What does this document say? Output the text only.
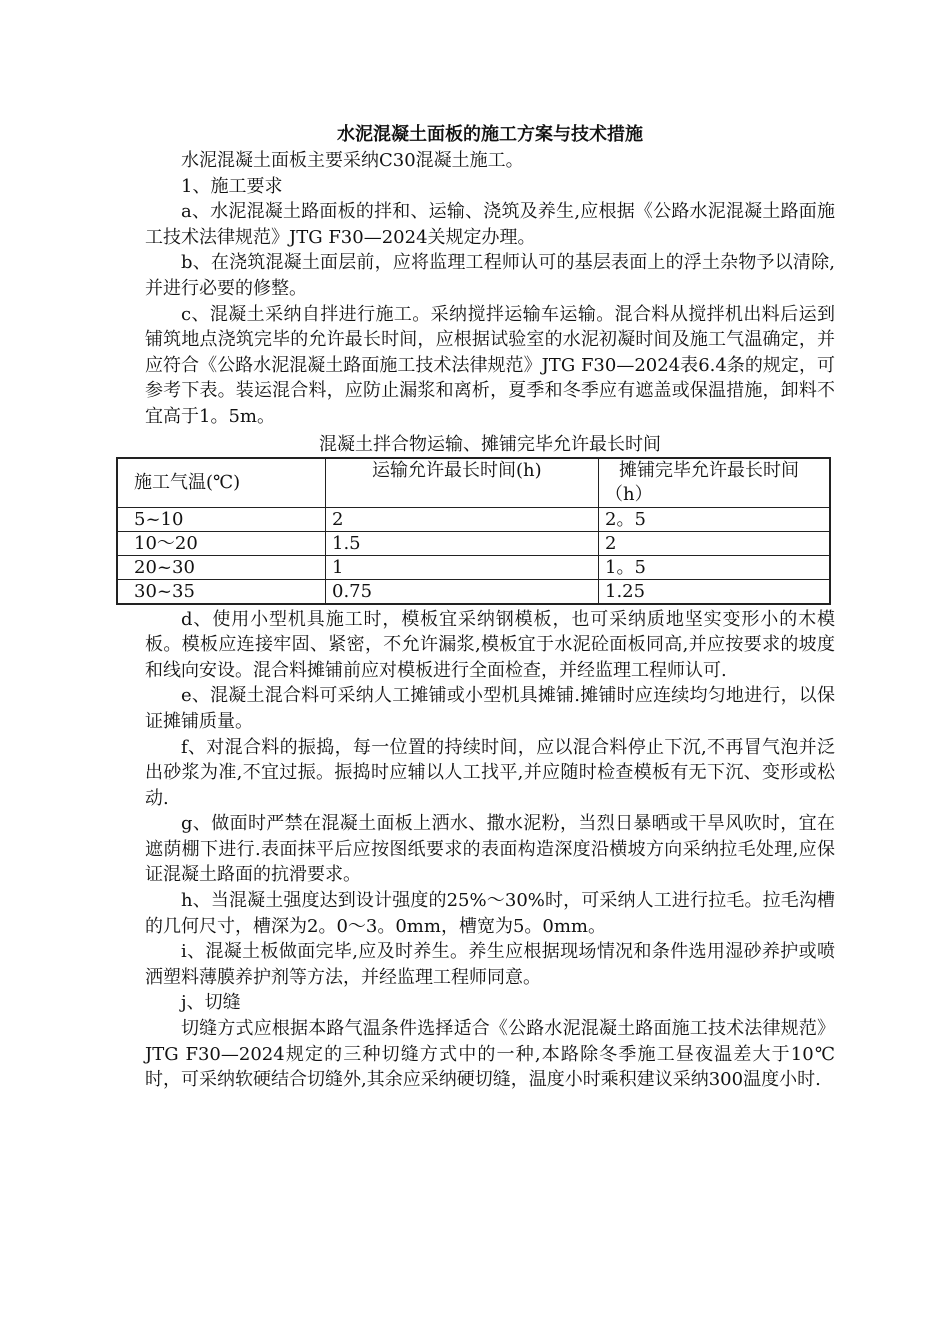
水泥混凝土面板的施工方案与技术措施

水泥混凝土面板主要采纳C30混凝土施工。

1、施工要求

a、水泥混凝土路面板的拌和、运输、浇筑及养生,应根据《公路水泥混凝土路面施工技术法律规范》JTG F30—2024关规定办理。

b、在浇筑混凝土面层前，应将监理工程师认可的基层表面上的浮土杂物予以清除,并进行必要的修整。

c、混凝土采纳自拌进行施工。采纳搅拌运输车运输。混合料从搅拌机出料后运到铺筑地点浇筑完毕的允许最长时间，应根据试验室的水泥初凝时间及施工气温确定，并应符合《公路水泥混凝土路面施工技术法律规范》JTG F30—2024表6.4条的规定，可参考下表。装运混合料，应防止漏浆和离析，夏季和冬季应有遮盖或保温措施，卸料不宜高于1。5m。

混凝土拌合物运输、摊铺完毕允许最长时间
施工气温(℃)	运输允许最长时间(h)	摊铺完毕允许最长时间（h）

5~10	2	2。5
10～20	1.5	2
20~30	1	1。5
30~35	0.75	1.25

d、使用小型机具施工时，模板宜采纳钢模板，也可采纳质地坚实变形小的木模板。模板应连接牢固、紧密，不允许漏浆,模板宜于水泥砼面板同高,并应按要求的坡度和线向安设。混合料摊铺前应对模板进行全面检查，并经监理工程师认可.

e、混凝土混合料可采纳人工摊铺或小型机具摊铺.摊铺时应连续均匀地进行，以保证摊铺质量。

f、对混合料的振捣，每一位置的持续时间，应以混合料停止下沉,不再冒气泡并泛出砂浆为准,不宜过振。振捣时应辅以人工找平,并应随时检查模板有无下沉、变形或松动.

g、做面时严禁在混凝土面板上洒水、撒水泥粉，当烈日暴晒或干旱风吹时，宜在遮荫棚下进行.表面抹平后应按图纸要求的表面构造深度沿横坡方向采纳拉毛处理,应保证混凝土路面的抗滑要求。

h、当混凝土强度达到设计强度的25%～30%时，可采纳人工进行拉毛。拉毛沟槽的几何尺寸，槽深为2。0～3。0mm，槽宽为5。0mm。

i、混凝土板做面完毕,应及时养生。养生应根据现场情况和条件选用湿砂养护或喷洒塑料薄膜养护剂等方法，并经监理工程师同意。

j、切缝

切缝方式应根据本路气温条件选择适合《公路水泥混凝土路面施工技术法律规范》JTG F30—2024规定的三种切缝方式中的一种,本路除冬季施工昼夜温差大于10℃时，可采纳软硬结合切缝外,其余应采纳硬切缝，温度小时乘积建议采纳300温度小时.
